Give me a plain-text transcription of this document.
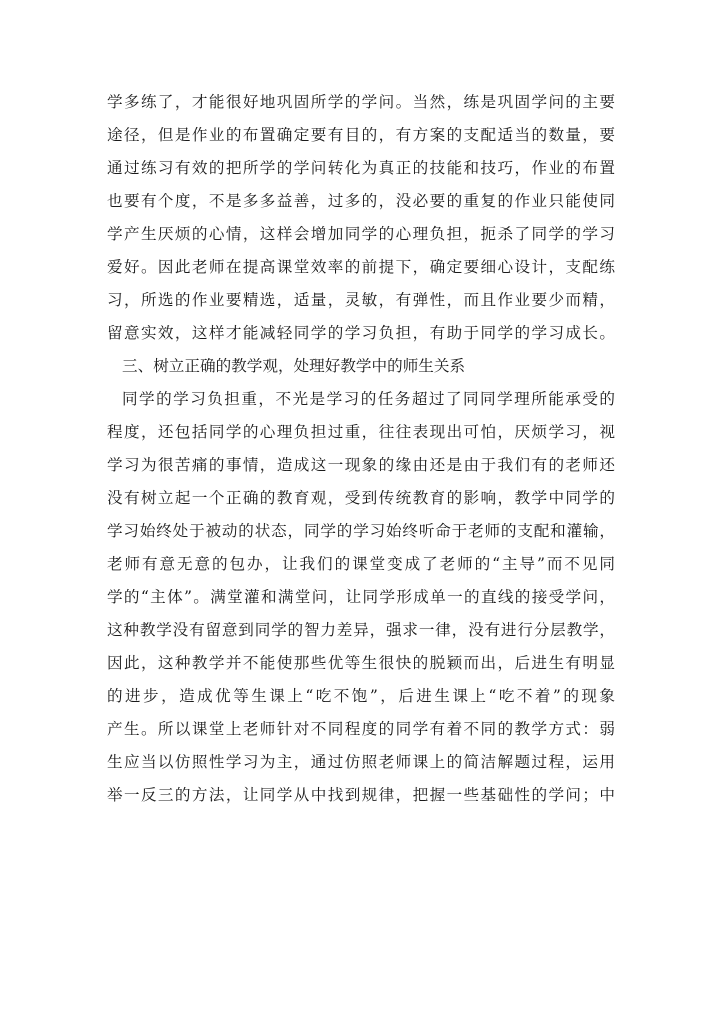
学多练了，才能很好地巩固所学的学问。当然，练是巩固学问的主要
途径，但是作业的布置确定要有目的，有方案的支配适当的数量，要
通过练习有效的把所学的学问转化为真正的技能和技巧，作业的布置
也要有个度，不是多多益善，过多的，没必要的重复的作业只能使同
学产生厌烦的心情，这样会增加同学的心理负担，扼杀了同学的学习
爱好。因此老师在提高课堂效率的前提下，确定要细心设计，支配练
习，所选的作业要精选，适量，灵敏，有弹性，而且作业要少而精，
留意实效，这样才能减轻同学的学习负担，有助于同学的学习成长。
三、树立正确的教学观，处理好教学中的师生关系
同学的学习负担重，不光是学习的任务超过了同同学理所能承受的
程度，还包括同学的心理负担过重，往往表现出可怕，厌烦学习，视
学习为很苦痛的事情，造成这一现象的缘由还是由于我们有的老师还
没有树立起一个正确的教育观，受到传统教育的影响，教学中同学的
学习始终处于被动的状态，同学的学习始终听命于老师的支配和灌输，
老师有意无意的包办，让我们的课堂变成了老师的“主导”而不见同
学的“主体”。满堂灌和满堂问，让同学形成单一的直线的接受学问，
这种教学没有留意到同学的智力差异，强求一律，没有进行分层教学，
因此，这种教学并不能使那些优等生很快的脱颖而出，后进生有明显
的进步，造成优等生课上“吃不饱”，后进生课上“吃不着”的现象
产生。所以课堂上老师针对不同程度的同学有着不同的教学方式：弱
生应当以仿照性学习为主，通过仿照老师课上的简洁解题过程，运用
举一反三的方法，让同学从中找到规律，把握一些基础性的学问；中
